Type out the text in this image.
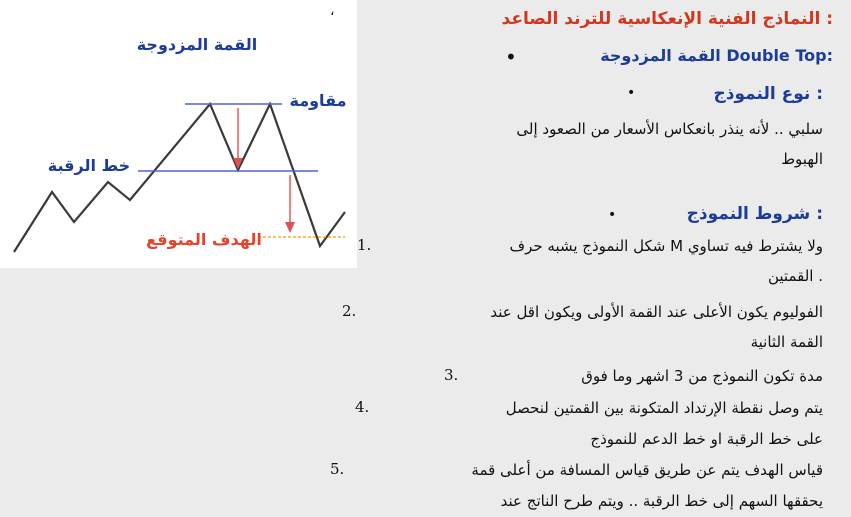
القمة المزدوجة
مقاومة
خط الرقبة
الهدف المتوقع
،	: النماذج الفنية الإنعكاسية للترند الصاعد
•	:Double Top القمة المزدوجة
•	: نوع النموذج
سلبي .. لأنه ينذر بانعكاس الأسعار من الصعود إلى
الهبوط
•	: شروط النموذج
1.	ولا يشترط فيه تساوي M شكل النموذج يشبه حرف
. القمتين
2.	الفوليوم يكون الأعلى عند القمة الأولى ويكون اقل عند
القمة الثانية
3.	مدة تكون النموذج من 3 اشهر وما فوق
4.	يتم وصل نقطة الإرتداد المتكونة بين القمتين لنحصل
على خط الرقبة او خط الدعم للنموذج
5.	قياس الهدف يتم عن طريق قياس المسافة من أعلى قمة
يحققها السهم إلى خط الرقبة .. ويتم طرح الناتج عند
